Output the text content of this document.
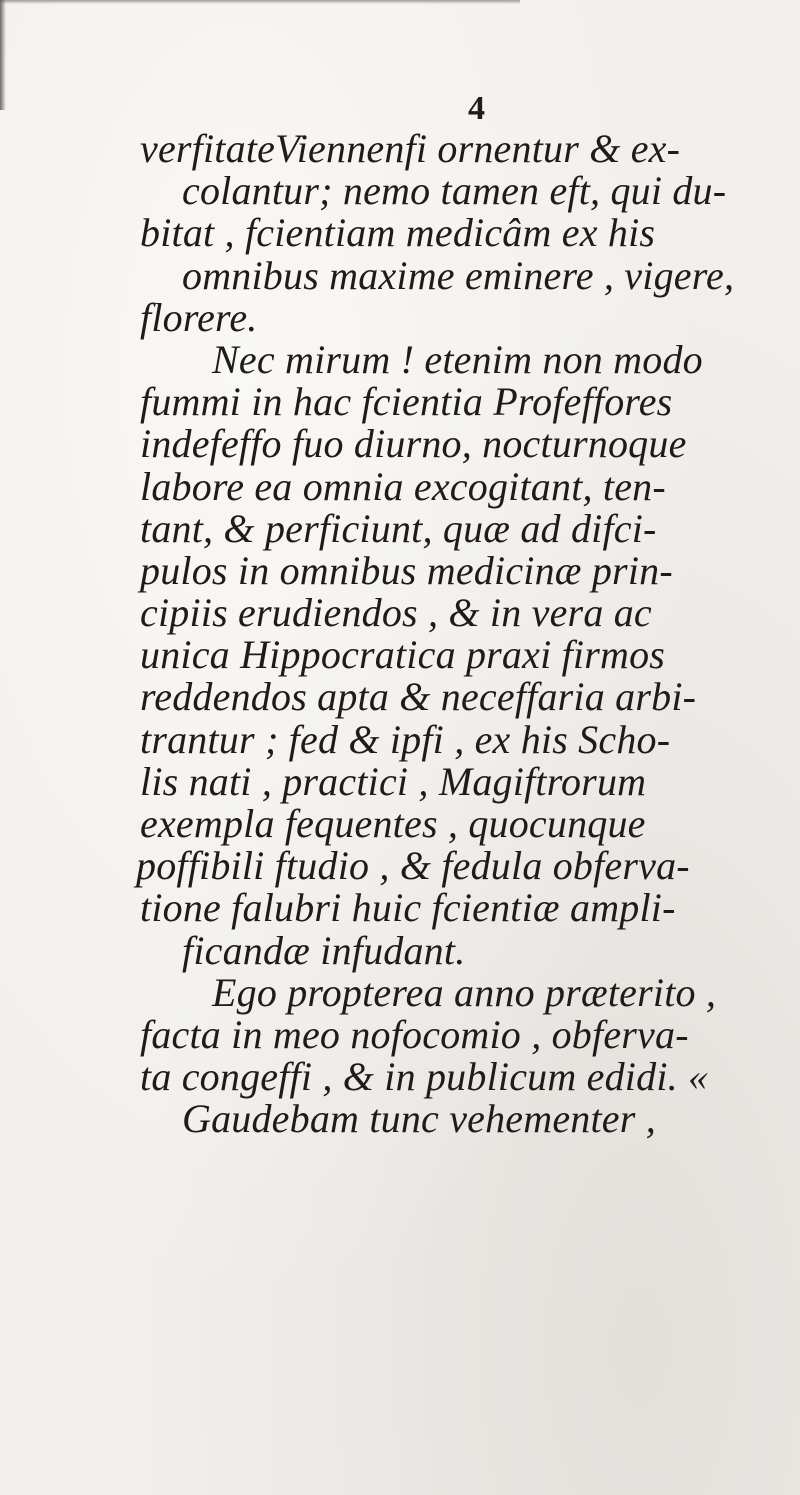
4
verfitateViennenfi ornentur & ex-
colantur; nemo tamen eft, qui du-
bitat , fcientiam medicâm ex his
omnibus maxime eminere , vigere,
florere.
Nec mirum ! etenim non modo
fummi in hac fcientia Profeffores
indefeffo fuo diurno, nocturnoque
labore ea omnia excogitant, ten-
tant, & perficiunt, quæ ad difci-
pulos in omnibus medicinæ prin-
cipiis erudiendos , & in vera ac
unica Hippocratica praxi firmos
reddendos apta & neceffaria arbi-
trantur ; fed & ipfi , ex his Scho-
lis nati , practici , Magiftrorum
exempla fequentes , quocunque
poffibili ftudio , & fedula obferva-
tione falubri huic fcientiæ ampli-
ficandæ infudant.
Ego propterea anno præterito ,
facta in meo nofocomio , obferva-
ta congeffi , & in publicum edidi. «
Gaudebam tunc vehementer ,
